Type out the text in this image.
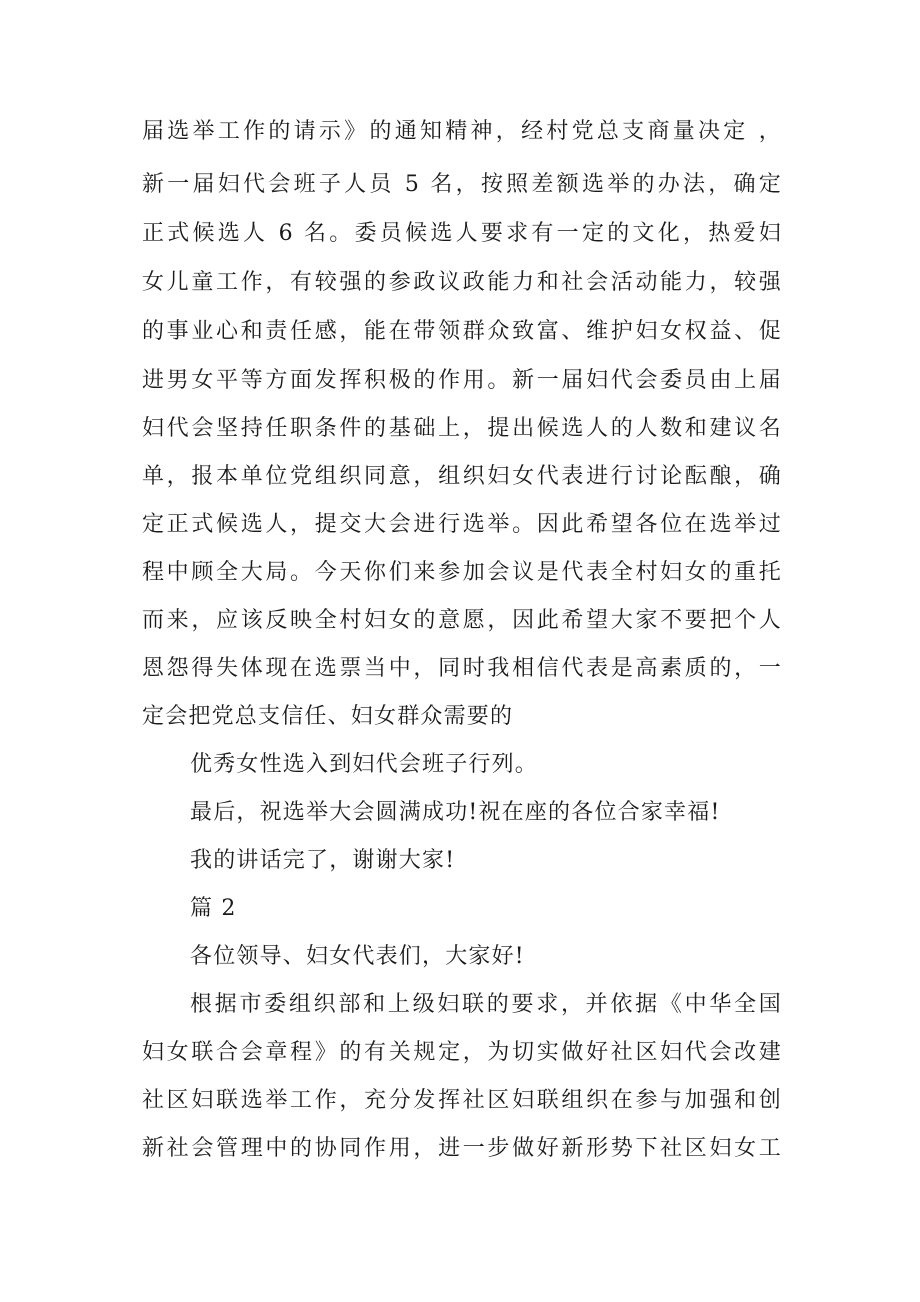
届选举工作的请示》的通知精神，经村党总支商量决定 ，
新一届妇代会班子人员 5 名，按照差额选举的办法，确定
正式候选人 6 名。委员候选人要求有一定的文化，热爱妇
女儿童工作，有较强的参政议政能力和社会活动能力，较强
的事业心和责任感，能在带领群众致富、维护妇女权益、促
进男女平等方面发挥积极的作用。新一届妇代会委员由上届
妇代会坚持任职条件的基础上，提出候选人的人数和建议名
单，报本单位党组织同意，组织妇女代表进行讨论酝酿，确
定正式候选人，提交大会进行选举。因此希望各位在选举过
程中顾全大局。今天你们来参加会议是代表全村妇女的重托
而来，应该反映全村妇女的意愿，因此希望大家不要把个人
恩怨得失体现在选票当中，同时我相信代表是高素质的，一
定会把党总支信任、妇女群众需要的
优秀女性选入到妇代会班子行列。
最后，祝选举大会圆满成功!祝在座的各位合家幸福!
我的讲话完了，谢谢大家!
篇 2
各位领导、妇女代表们，大家好!
根据市委组织部和上级妇联的要求，并依据《中华全国
妇女联合会章程》的有关规定，为切实做好社区妇代会改建
社区妇联选举工作，充分发挥社区妇联组织在参与加强和创
新社会管理中的协同作用，进一步做好新形势下社区妇女工
